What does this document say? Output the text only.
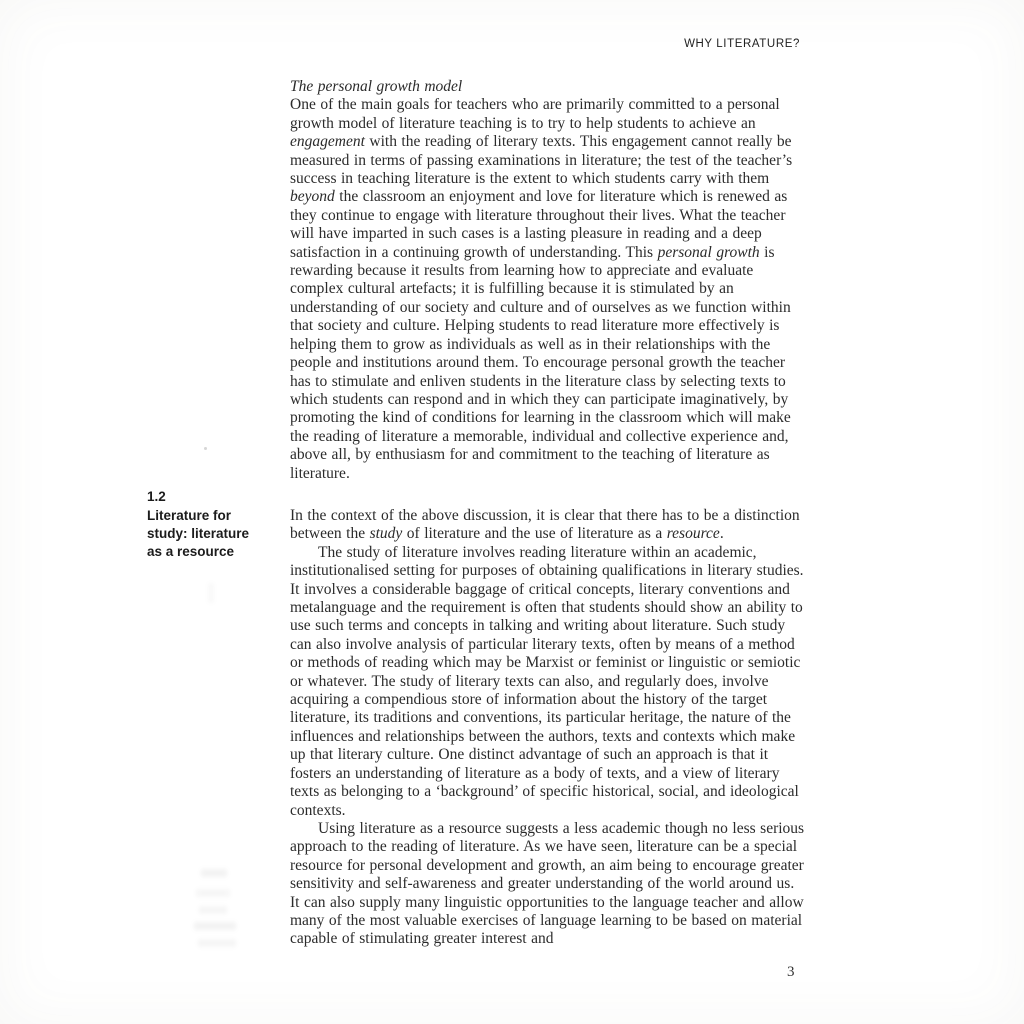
WHY LITERATURE?
1.2
Literature for
study: literature
as a resource

The personal growth model

One of the main goals for teachers who are primarily committed to a personal growth model of literature teaching is to try to help students to achieve an engagement with the reading of literary texts. This engagement cannot really be measured in terms of passing examinations in literature; the test of the teacher’s success in teaching literature is the extent to which students carry with them beyond the classroom an enjoyment and love for literature which is renewed as they continue to engage with literature throughout their lives. What the teacher will have imparted in such cases is a lasting pleasure in reading and a deep satisfaction in a continuing growth of understanding. This personal growth is rewarding because it results from learning how to appreciate and evaluate complex cultural artefacts; it is fulfilling because it is stimulated by an understanding of our society and culture and of ourselves as we function within that society and culture. Helping students to read literature more effectively is helping them to grow as individuals as well as in their relationships with the people and institutions around them. To encourage personal growth the teacher has to stimulate and enliven students in the literature class by selecting texts to which students can respond and in which they can participate imaginatively, by promoting the kind of conditions for learning in the classroom which will make the reading of literature a memorable, individual and collective experience and, above all, by enthusiasm for and commitment to the teaching of literature as literature.

In the context of the above discussion, it is clear that there has to be a distinction between the study of literature and the use of literature as a resource.

The study of literature involves reading literature within an academic, institutionalised setting for purposes of obtaining qualifications in literary studies. It involves a considerable baggage of critical concepts, literary conventions and metalanguage and the requirement is often that students should show an ability to use such terms and concepts in talking and writing about literature. Such study can also involve analysis of particular literary texts, often by means of a method or methods of reading which may be Marxist or feminist or linguistic or semiotic or whatever. The study of literary texts can also, and regularly does, involve acquiring a compendious store of information about the history of the target literature, its traditions and conventions, its particular heritage, the nature of the influences and relationships between the authors, texts and contexts which make up that literary culture. One distinct advantage of such an approach is that it fosters an understanding of literature as a body of texts, and a view of literary texts as belonging to a ‘background’ of specific historical, social, and ideological contexts.

Using literature as a resource suggests a less academic though no less serious approach to the reading of literature. As we have seen, literature can be a special resource for personal development and growth, an aim being to encourage greater sensitivity and self-awareness and greater understanding of the world around us. It can also supply many linguistic opportunities to the language teacher and allow many of the most valuable exercises of language learning to be based on material capable of stimulating greater interest and

3
